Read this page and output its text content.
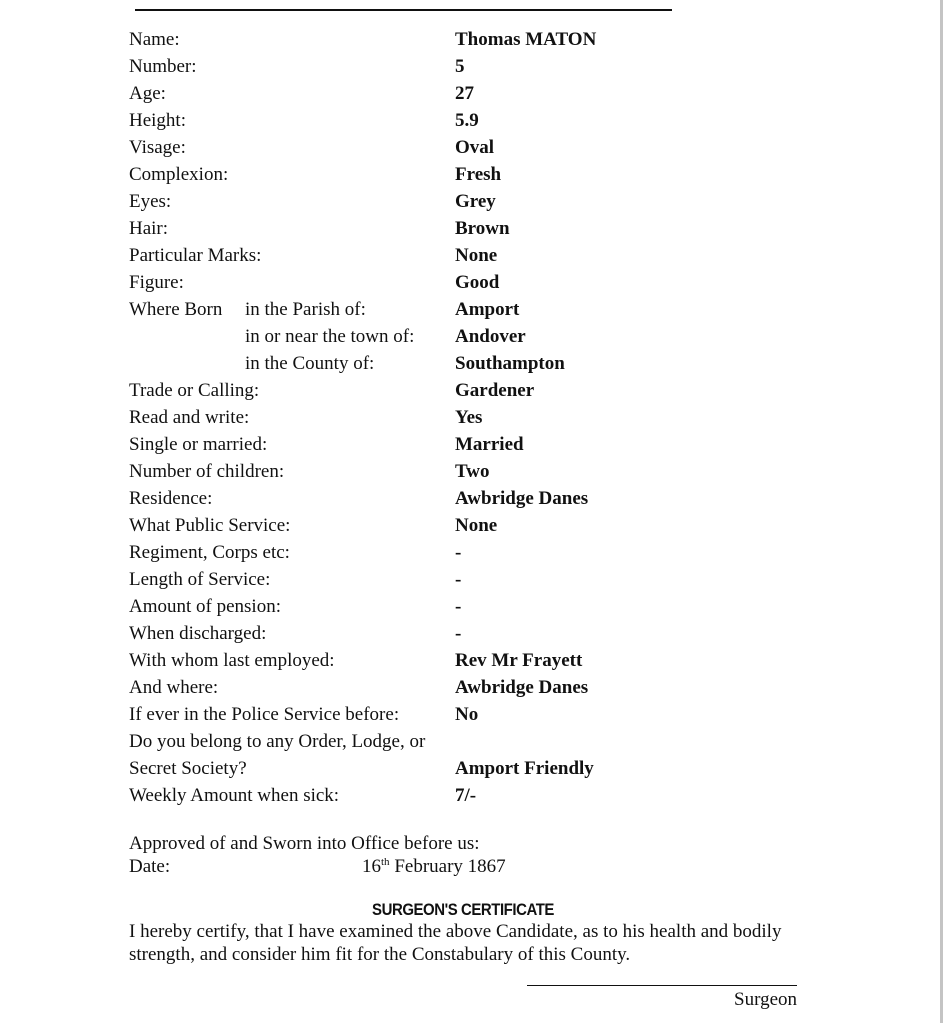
Name:	Thomas MATON
Number:	5
Age:	27
Height:	5.9
Visage:	Oval
Complexion:	Fresh
Eyes:	Grey
Hair:	Brown
Particular Marks:	None
Figure:	Good
Where Born in the Parish of:	Amport
in or near the town of: Andover
in the County of:	Southampton
Trade or Calling:	Gardener
Read and write:	Yes
Single or married:	Married
Number of children:	Two
Residence:	Awbridge Danes
What Public Service:	None
Regiment, Corps etc:	-
Length of Service:	-
Amount of pension:	-
When discharged:	-
With whom last employed:	Rev Mr Frayett
And where:	Awbridge Danes
If ever in the Police Service before:	No
Do you belong to any Order, Lodge, or
Secret Society?	Amport Friendly
Weekly Amount when sick:	7/-
Approved of and Sworn into Office before us:
Date:	16th February 1867
SURGEON'S CERTIFICATE
I hereby certify, that I have examined the above Candidate, as to his health and bodily strength, and consider him fit for the Constabulary of this County.
Surgeon
